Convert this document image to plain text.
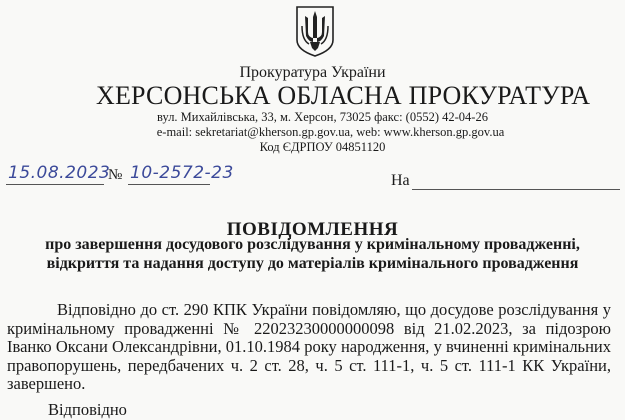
Прокуратура України
ХЕРСОНСЬКА ОБЛАСНА ПРОКУРАТУРА
вул. Михайлівська, 33, м. Херсон, 73025 факс: (0552) 42-04-26
e-mail: sekretariat@kherson.gp.gov.ua, web: www.kherson.gp.gov.ua
Код ЄДРПОУ 04851120
15.08.2023
№ 10-2572-23	На
ПОВІДОМЛЕННЯ
про завершення досудового розслідування у кримінальному провадженні,
відкриття та надання доступу до матеріалів кримінального провадження

Відповідно до ст. 290 КПК України повідомляю, що досудове розслідування у кримінальному провадженні № 22023230000000098 від 21.02.2023, за підозрою Іванко Оксани Олександрівни, 01.10.1984 року народження, у вчиненні кримінальних правопорушень, передбачених ч. 2 ст. 28, ч. 5 ст. 111-1, ч. 5 ст. 111-1 КК України, завершено.

Відповідно
